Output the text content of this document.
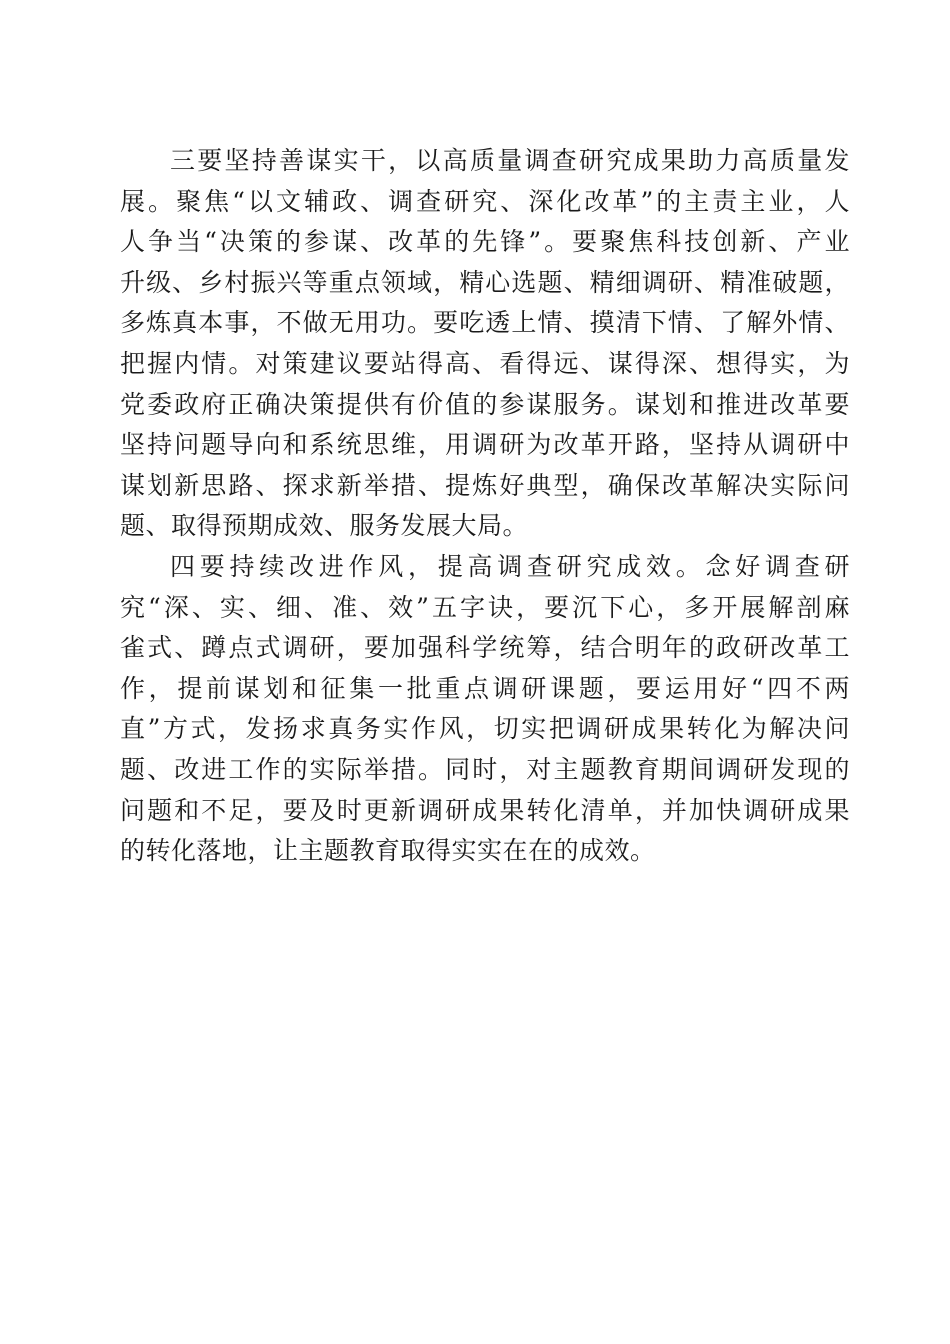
三要坚持善谋实干，以高质量调查研究成果助力高质量发
展。聚焦“以文辅政、调查研究、深化改革”的主责主业，人
人争当“决策的参谋、改革的先锋”。要聚焦科技创新、产业
升级、乡村振兴等重点领域，精心选题、精细调研、精准破题，
多炼真本事，不做无用功。要吃透上情、摸清下情、了解外情、
把握内情。对策建议要站得高、看得远、谋得深、想得实，为
党委政府正确决策提供有价值的参谋服务。谋划和推进改革要
坚持问题导向和系统思维，用调研为改革开路，坚持从调研中
谋划新思路、探求新举措、提炼好典型，确保改革解决实际问
题、取得预期成效、服务发展大局。
四要持续改进作风，提高调查研究成效。念好调查研
究“深、实、细、准、效”五字诀，要沉下心，多开展解剖麻
雀式、蹲点式调研，要加强科学统筹，结合明年的政研改革工
作，提前谋划和征集一批重点调研课题，要运用好“四不两
直”方式，发扬求真务实作风，切实把调研成果转化为解决问
题、改进工作的实际举措。同时，对主题教育期间调研发现的
问题和不足，要及时更新调研成果转化清单，并加快调研成果
的转化落地，让主题教育取得实实在在的成效。
